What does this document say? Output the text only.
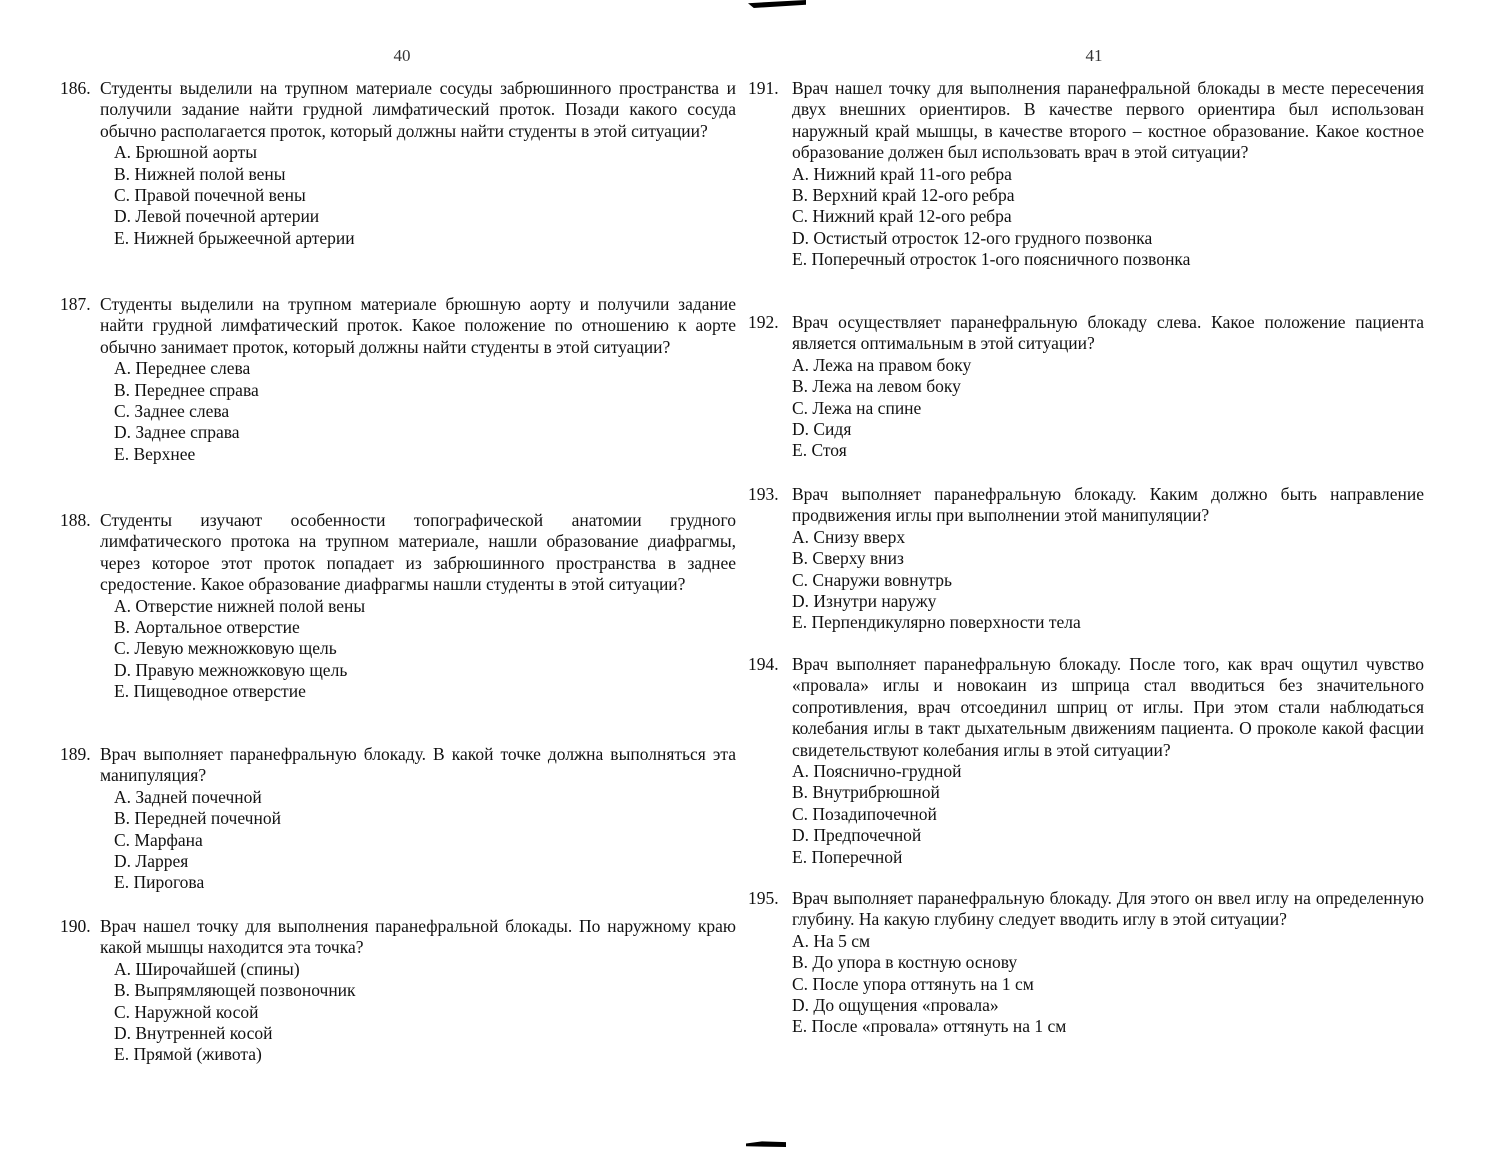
40
186. Студенты выделили на трупном материале сосуды забрюшинного пространства и получили задание найти грудной лимфатический проток. Позади какого сосуда обычно располагается проток, который должны найти студенты в этой ситуации?
A. Брюшной аорты
B. Нижней полой вены
C. Правой почечной вены
D. Левой почечной артерии
E. Нижней брыжеечной артерии
187. Студенты выделили на трупном материале брюшную аорту и получили задание найти грудной лимфатический проток. Какое положение по отношению к аорте обычно занимает проток, который должны найти студенты в этой ситуации?
A. Переднее слева
B. Переднее справа
C. Заднее слева
D. Заднее справа
E. Верхнее
188. Студенты изучают особенности топографической анатомии грудного лимфатического протока на трупном материале, нашли образование диафрагмы, через которое этот проток попадает из забрюшинного пространства в заднее средостение. Какое образование диафрагмы нашли студенты в этой ситуации?
A. Отверстие нижней полой вены
B. Аортальное отверстие
C. Левую межножковую щель
D. Правую межножковую щель
E. Пищеводное отверстие
189. Врач выполняет паранефральную блокаду. В какой точке должна выполняться эта манипуляция?
A. Задней почечной
B. Передней почечной
C. Марфана
D. Ларрея
E. Пирогова
190. Врач нашел точку для выполнения паранефральной блокады. По наружному краю какой мышцы находится эта точка?
A. Широчайшей (спины)
B. Выпрямляющей позвоночник
C. Наружной косой
D. Внутренней косой
E. Прямой (живота)
41
191. Врач нашел точку для выполнения паранефральной блокады в месте пересечения двух внешних ориентиров. В качестве первого ориентира был использован наружный край мышцы, в качестве второго – костное образование. Какое костное образование должен был использовать врач в этой ситуации?
A. Нижний край 11-ого ребра
B. Верхний край 12-ого ребра
C. Нижний край 12-ого ребра
D. Остистый отросток 12-ого грудного позвонка
E. Поперечный отросток 1-ого поясничного позвонка
192. Врач осуществляет паранефральную блокаду слева. Какое положение пациента является оптимальным в этой ситуации?
A. Лежа на правом боку
B. Лежа на левом боку
C. Лежа на спине
D. Сидя
E. Стоя
193. Врач выполняет паранефральную блокаду. Каким должно быть направление продвижения иглы при выполнении этой манипуляции?
A. Снизу вверх
B. Сверху вниз
C. Снаружи вовнутрь
D. Изнутри наружу
E. Перпендикулярно поверхности тела
194. Врач выполняет паранефральную блокаду. После того, как врач ощутил чувство «провала» иглы и новокаин из шприца стал вводиться без значительного сопротивления, врач отсоединил шприц от иглы. При этом стали наблюдаться колебания иглы в такт дыхательным движениям пациента. О проколе какой фасции свидетельствуют колебания иглы в этой ситуации?
A. Пояснично-грудной
B. Внутрибрюшной
C. Позадипочечной
D. Предпочечной
E. Поперечной
195. Врач выполняет паранефральную блокаду. Для этого он ввел иглу на определенную глубину. На какую глубину следует вводить иглу в этой ситуации?
A. На 5 см
B. До упора в костную основу
C. После упора оттянуть на 1 см
D. До ощущения «провала»
E. После «провала» оттянуть на 1 см
